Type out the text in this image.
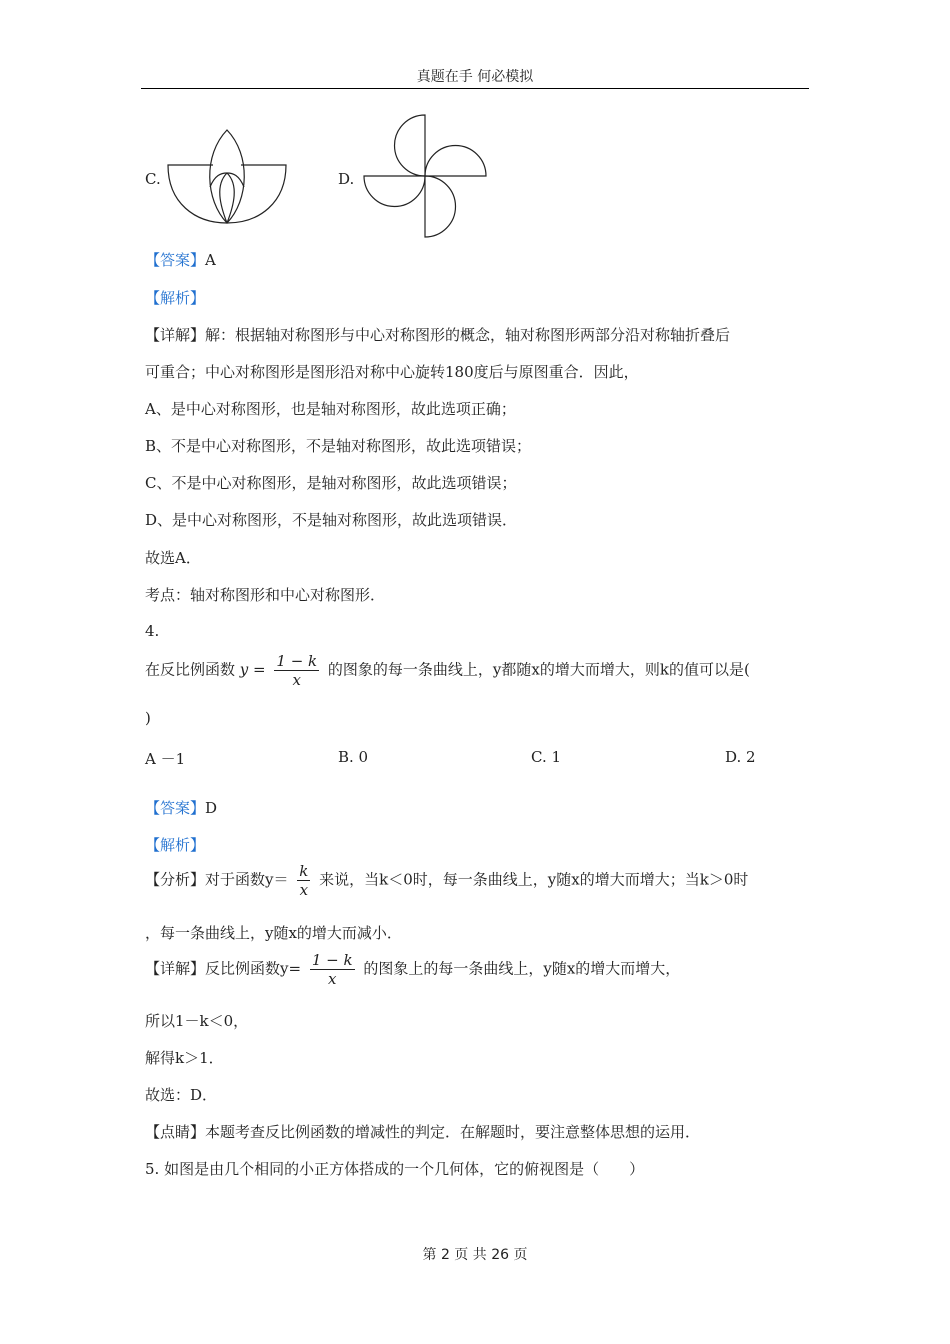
真题在手 何必模拟
C.	D.
【答案】A
【解析】
【详解】解：根据轴对称图形与中心对称图形的概念，轴对称图形两部分沿对称轴折叠后
可重合；中心对称图形是图形沿对称中心旋转180度后与原图重合．因此，
A、是中心对称图形，也是轴对称图形，故此选项正确；
B、不是中心对称图形，不是轴对称图形，故此选项错误；
C、不是中心对称图形，是轴对称图形，故此选项错误；
D、是中心对称图形，不是轴对称图形，故此选项错误．
故选A．
考点：轴对称图形和中心对称图形．
4.
在反比例函数 $y = \frac{1 - k}{x}$ 的图象的每一条曲线上，y都随x的增大而增大，则k的值可以是(
)
A －1	B. 0	C. 1	D. 2
【答案】D
【解析】
【分析】对于函数$y= \frac{k}{x}$ 来说，当k＜0时，每一条曲线上，y随x的增大而增大；当k＞0时
，每一条曲线上，y随x的增大而减小．
【详解】反比例函数$y= \frac{1 - k}{x}$ 的图象上的每一条曲线上，y随x的增大而增大，
所以1－k＜0，
解得k＞1．
故选：D．
【点睛】本题考查反比例函数的增减性的判定．在解题时，要注意整体思想的运用．
5. 如图是由几个相同的小正方体搭成的一个几何体，它的俯视图是（　　）
第 2 页 共 26 页
